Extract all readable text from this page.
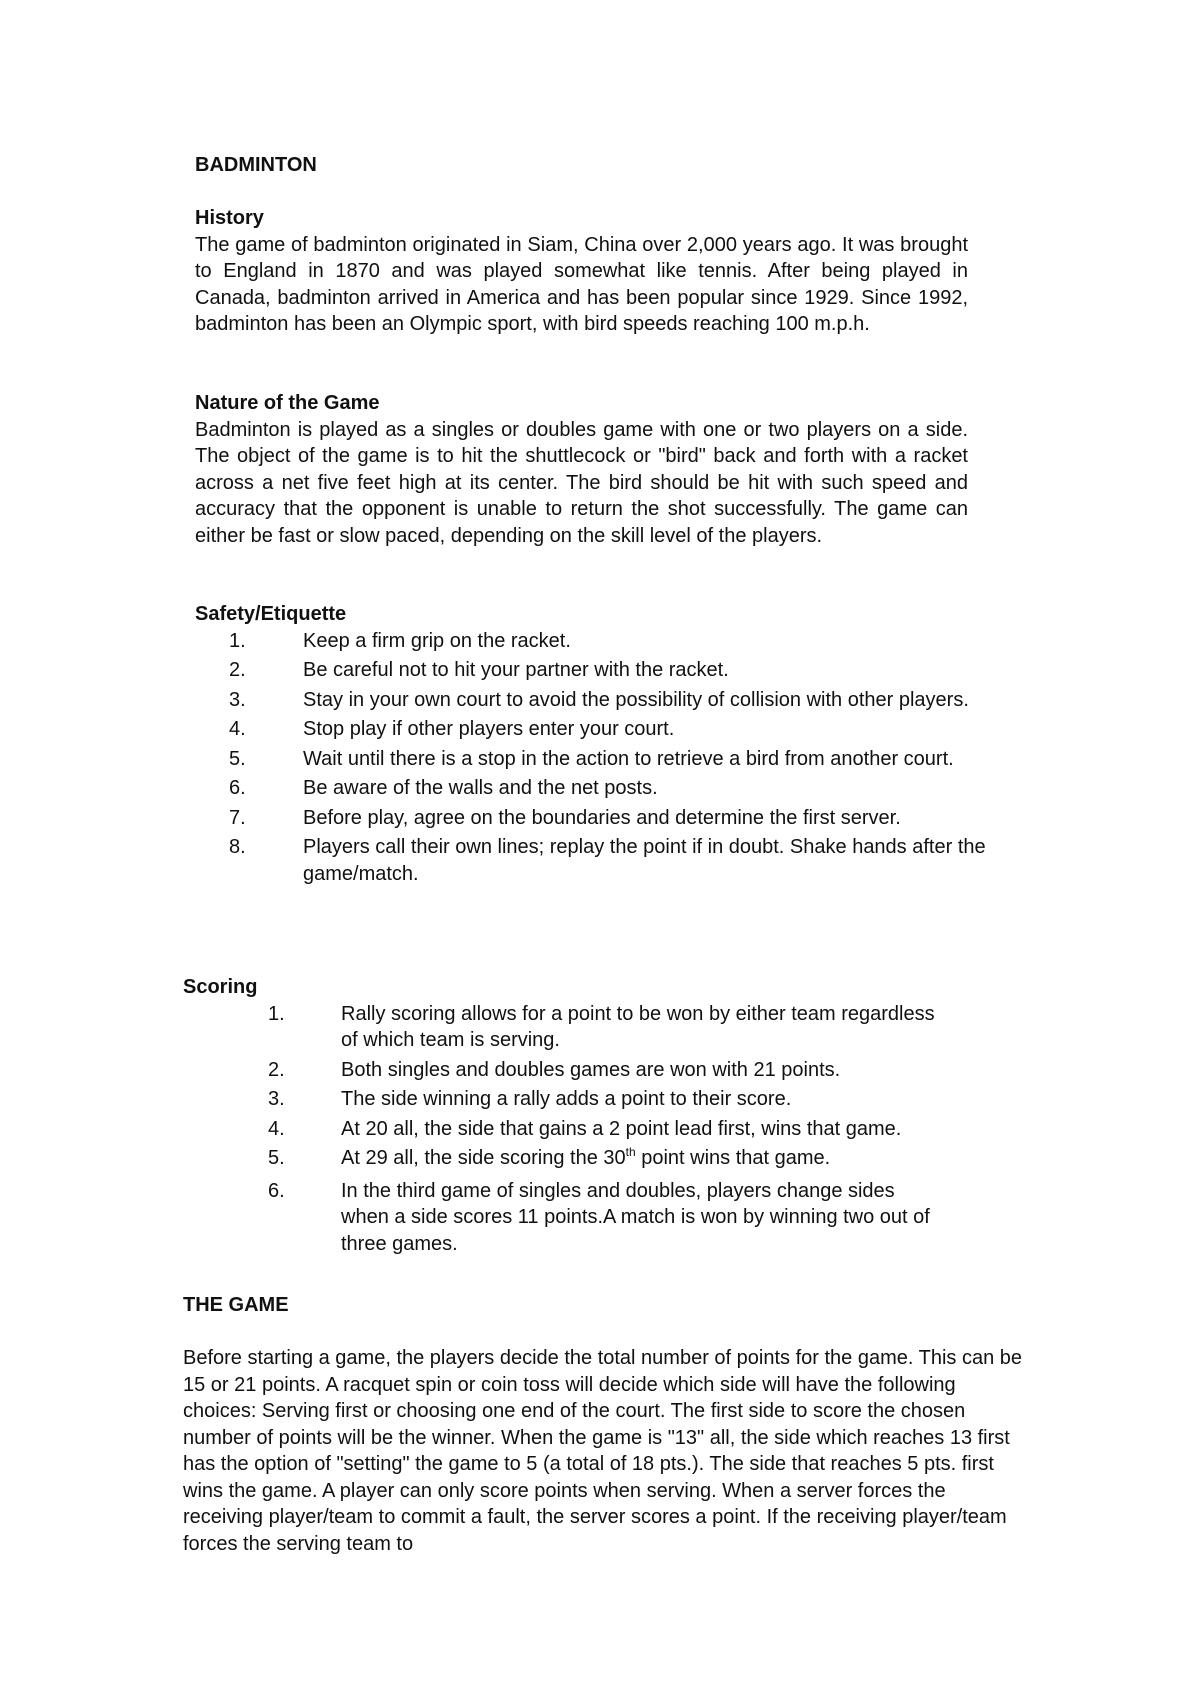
BADMINTON
History
The game of badminton originated in Siam, China over 2,000 years ago. It was brought to England in 1870 and was played somewhat like tennis. After being played in Canada, badminton arrived in America and has been popular since 1929. Since 1992, badminton has been an Olympic sport, with bird speeds reaching 100 m.p.h.
Nature of the Game
Badminton is played as a singles or doubles game with one or two players on a side. The object of the game is to hit the shuttlecock or "bird" back and forth with a racket across a net five feet high at its center. The bird should be hit with such speed and accuracy that the opponent is unable to return the shot successfully. The game can either be fast or slow paced, depending on the skill level of the players.
Safety/Etiquette
1.	Keep a firm grip on the racket.
2.	Be careful not to hit your partner with the racket.
3.	Stay in your own court to avoid the possibility of collision with other players.
4.	Stop play if other players enter your court.
5.	Wait until there is a stop in the action to retrieve a bird from another court.
6.	Be aware of the walls and the net posts.
7.	Before play, agree on the boundaries and determine the first server.
8.	Players call their own lines; replay the point if in doubt. Shake hands after the game/match.
Scoring
1.	Rally scoring allows for a point to be won by either team regardless of which team is serving.
2.	Both singles and doubles games are won with 21 points.
3.	The side winning a rally adds a point to their score.
4.	At 20 all, the side that gains a 2 point lead first, wins that game.
5.	At 29 all, the side scoring the 30th point wins that game.
6.	In the third game of singles and doubles, players change sides when a side scores 11 points.A match is won by winning two out of three games.
THE GAME
Before starting a game, the players decide the total number of points for the game. This can be 15 or 21 points. A racquet spin or coin toss will decide which side will have the following choices: Serving first or choosing one end of the court. The first side to score the chosen number of points will be the winner. When the game is "13" all, the side which reaches 13 first has the option of "setting" the game to 5 (a total of 18 pts.). The side that reaches 5 pts. first wins the game. A player can only score points when serving. When a server forces the receiving player/team to commit a fault, the server scores a point. If the receiving player/team forces the serving team to
